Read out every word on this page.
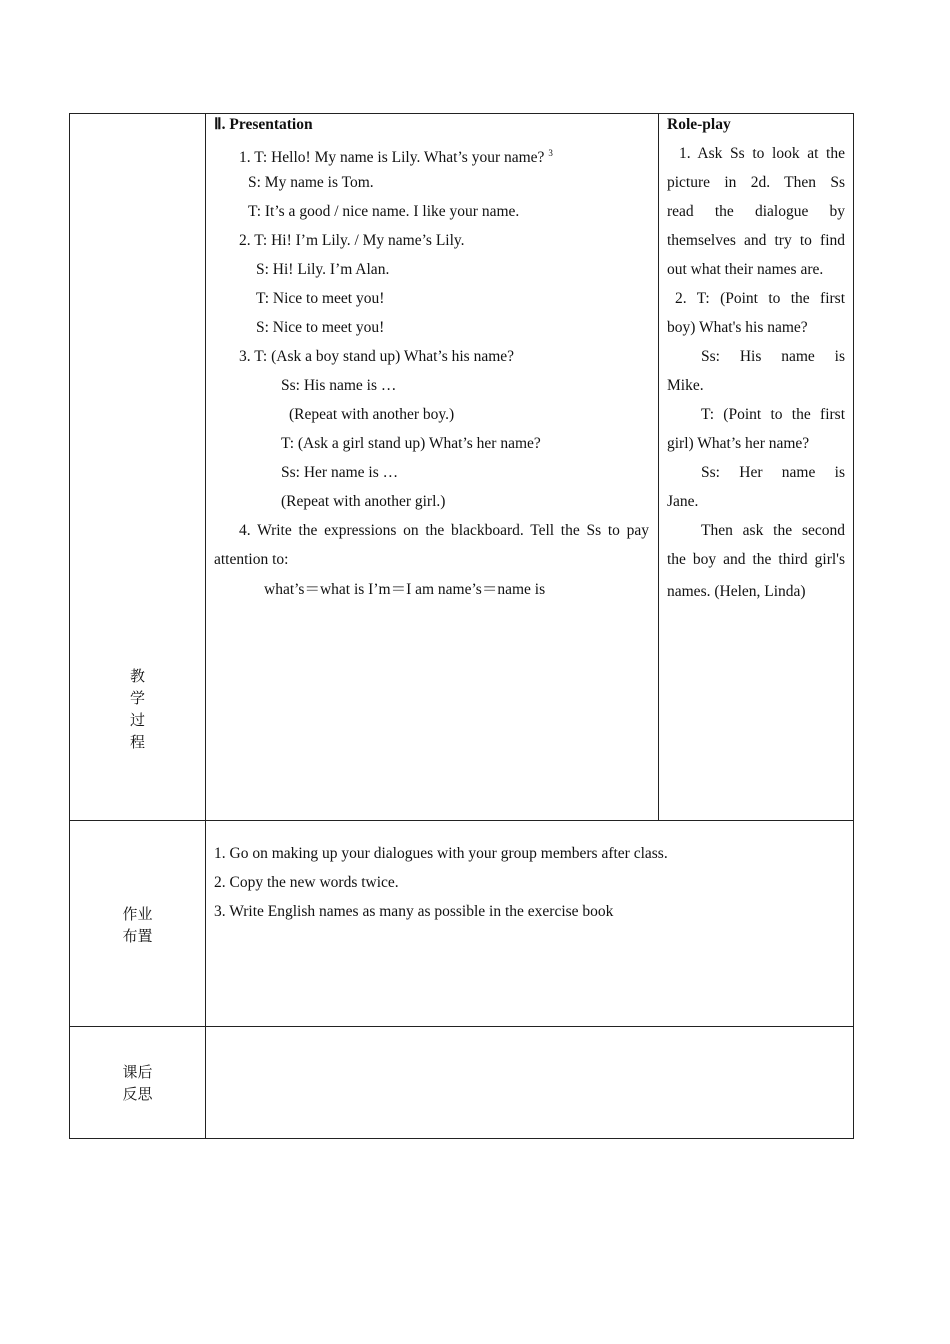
教
学
过
程
Ⅱ. Presentation
1. T: Hello! My name is Lily. What’s your name? $^3$
S: My name is Tom.
T: It’s a good / nice name. I like your name.
2. T: Hi! I’m Lily. / My name’s Lily.
S: Hi! Lily. I’m Alan.
T: Nice to meet you!
S: Nice to meet you!
3. T: (Ask a boy stand up) What’s his name?
Ss: His name is …
(Repeat with another boy.)
T: (Ask a girl stand up) What’s her name?
Ss: Her name is …
(Repeat with another girl.)
4. Write the expressions on the blackboard. Tell the Ss to pay
attention to:
what’s＝what is I’m＝I am name’s＝name is
Role-play
1. Ask Ss to look at the
picture in 2d. Then Ss
read the dialogue by
themselves and try to find
out what their names are.
2. T: (Point to the first
boy) What's his name?
Ss: His name is
Mike.
T: (Point to the first
girl) What’s her name?
Ss: Her name is
Jane.
Then ask the second
the boy and the third girl's
names. (Helen, Linda)
作业
布置
1. Go on making up your dialogues with your group members after class.
2. Copy the new words twice.
3. Write English names as many as possible in the exercise book
课后
反思
